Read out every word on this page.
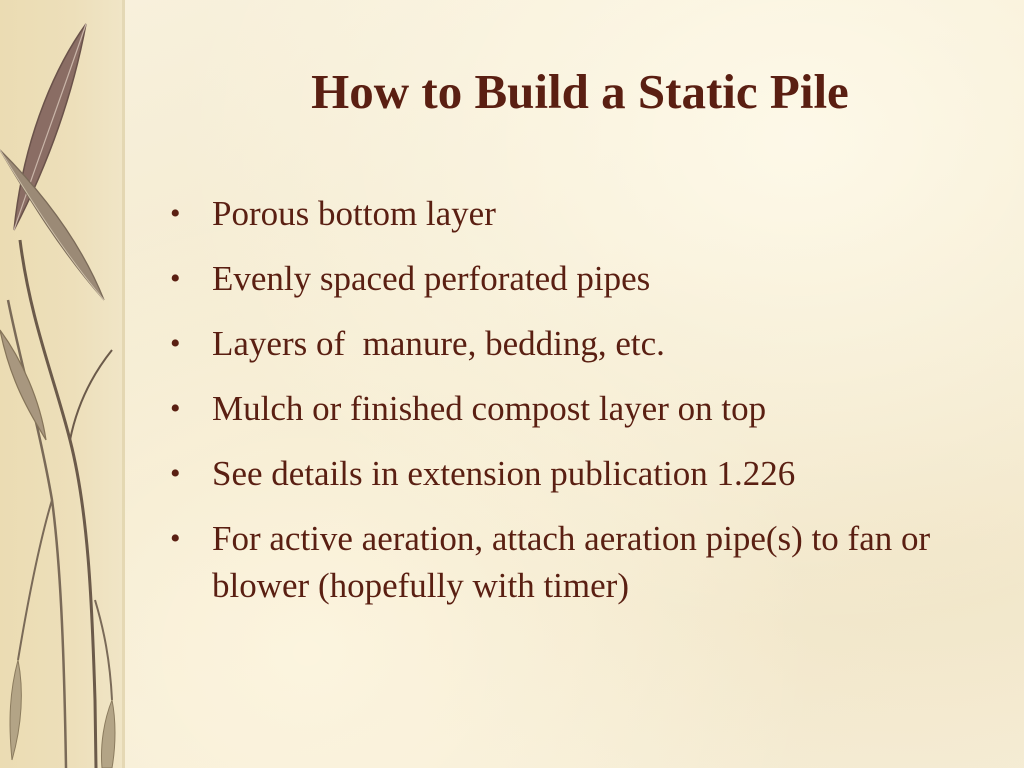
How to Build a Static Pile
• Porous bottom layer
• Evenly spaced perforated pipes
• Layers of  manure, bedding, etc.
• Mulch or finished compost layer on top
• See details in extension publication 1.226
• For active aeration, attach aeration pipe(s) to fan or blower (hopefully with timer)
